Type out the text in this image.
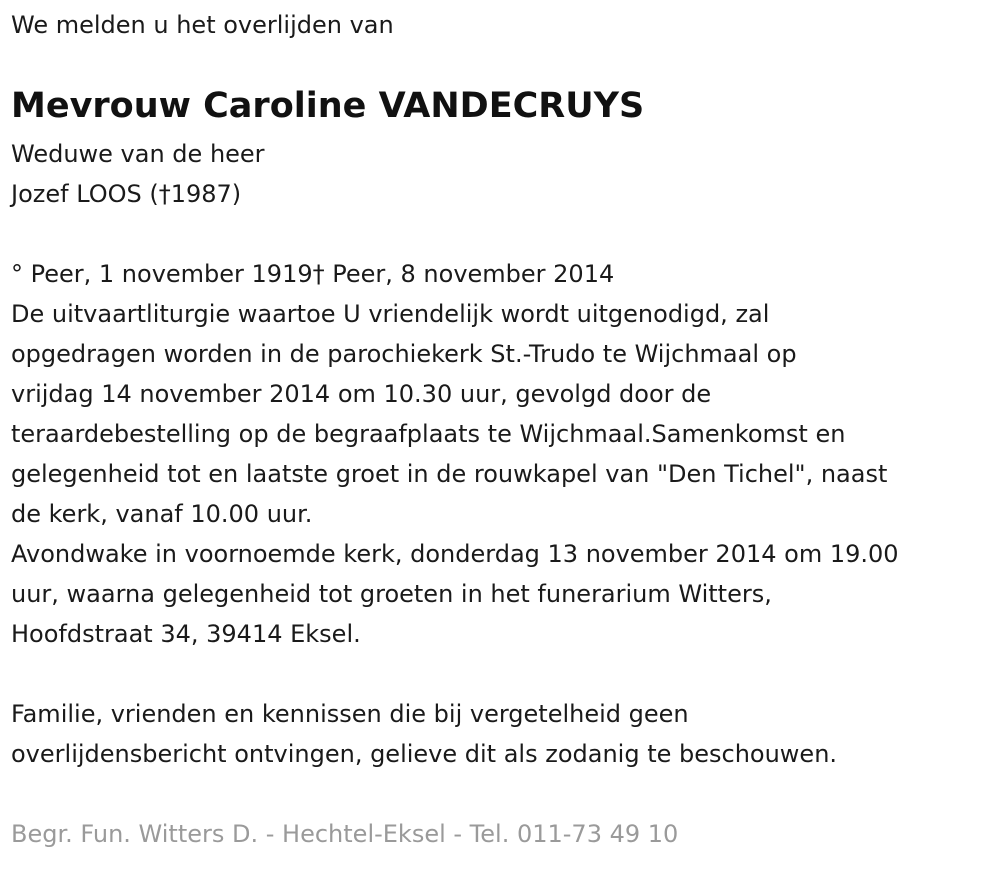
We melden u het overlijden van
Mevrouw Caroline VANDECRUYS
Weduwe van de heer
Jozef LOOS (†1987)
° Peer, 1 november 1919† Peer, 8 november 2014
De uitvaartliturgie waartoe U vriendelijk wordt uitgenodigd, zal
opgedragen worden in de parochiekerk St.-Trudo te Wijchmaal op
vrijdag 14 november 2014 om 10.30 uur, gevolgd door de
teraardebestelling op de begraafplaats te Wijchmaal.Samenkomst en
gelegenheid tot en laatste groet in de rouwkapel van "Den Tichel", naast
de kerk, vanaf 10.00 uur.
Avondwake in voornoemde kerk, donderdag 13 november 2014 om 19.00
uur, waarna gelegenheid tot groeten in het funerarium Witters,
Hoofdstraat 34, 39414 Eksel.
Familie, vrienden en kennissen die bij vergetelheid geen
overlijdensbericht ontvingen, gelieve dit als zodanig te beschouwen.
Begr. Fun. Witters D. - Hechtel-Eksel - Tel. 011-73 49 10
